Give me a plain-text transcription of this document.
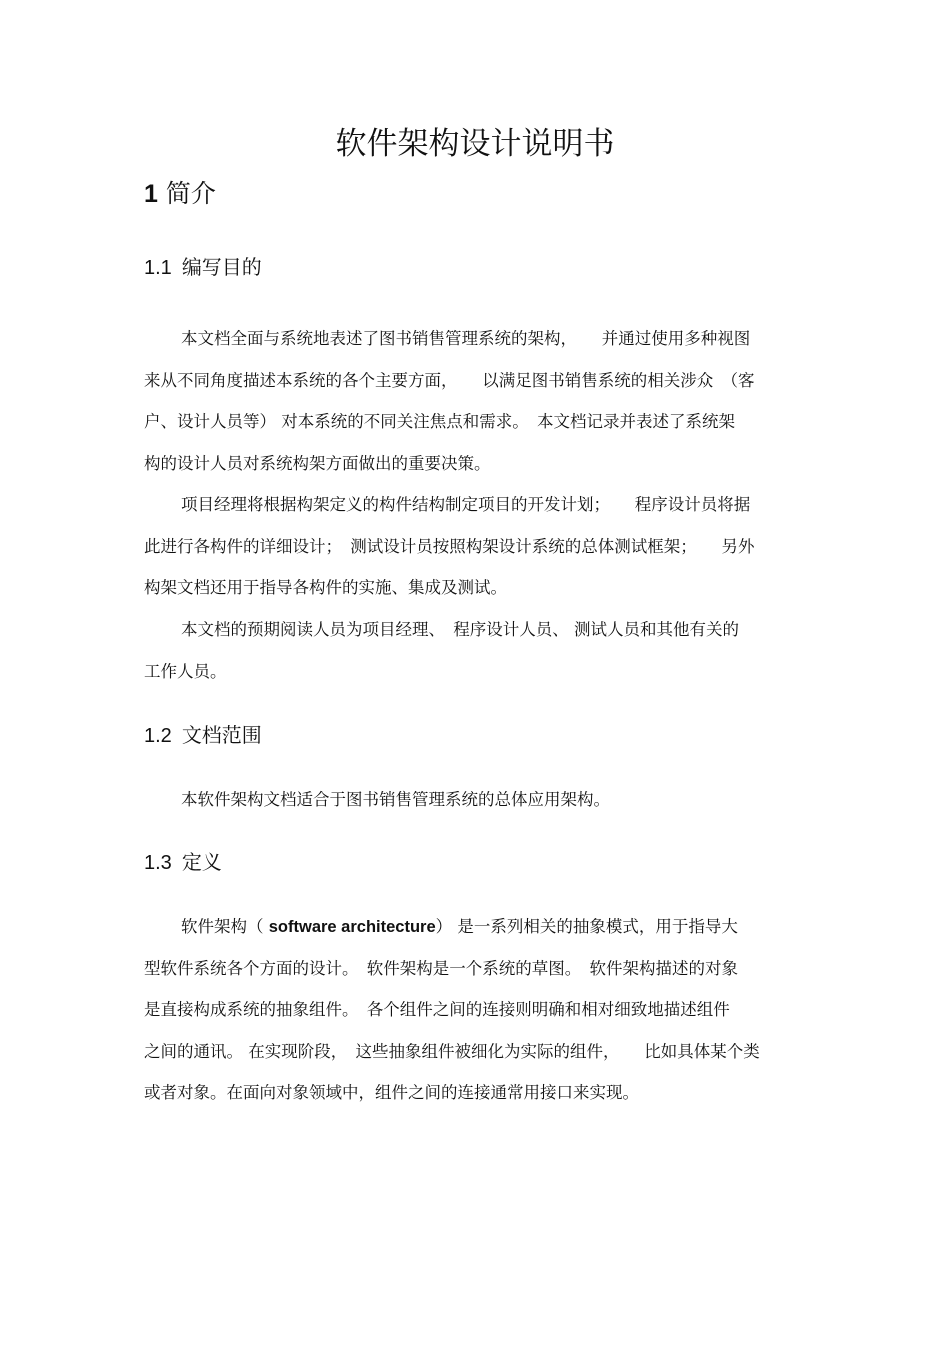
软件架构设计说明书
1 简介
1.1 编写目的
本文档全面与系统地表述了图书销售管理系统的架构，　　并通过使用多种视图
来从不同角度描述本系统的各个主要方面，　　以满足图书销售系统的相关涉众　（客
户、设计人员等） 对本系统的不同关注焦点和需求。　本文档记录并表述了系统架
构的设计人员对系统构架方面做出的重要决策。
项目经理将根据构架定义的构件结构制定项目的开发计划；　　程序设计员将据
此进行各构件的详细设计；　测试设计员按照构架设计系统的总体测试框架；　　另外
构架文档还用于指导各构件的实施、集成及测试。
本文档的预期阅读人员为项目经理、　程序设计人员、 测试人员和其他有关的
工作人员。
1.2 文档范围
本软件架构文档适合于图书销售管理系统的总体应用架构。
1.3 定义
软件架构（ software architecture） 是一系列相关的抽象模式，用于指导大
型软件系统各个方面的设计。　软件架构是一个系统的草图。　软件架构描述的对象
是直接构成系统的抽象组件。　各个组件之间的连接则明确和相对细致地描述组件
之间的通讯。 在实现阶段，　这些抽象组件被细化为实际的组件，　　比如具体某个类
或者对象。在面向对象领域中，组件之间的连接通常用接口来实现。
